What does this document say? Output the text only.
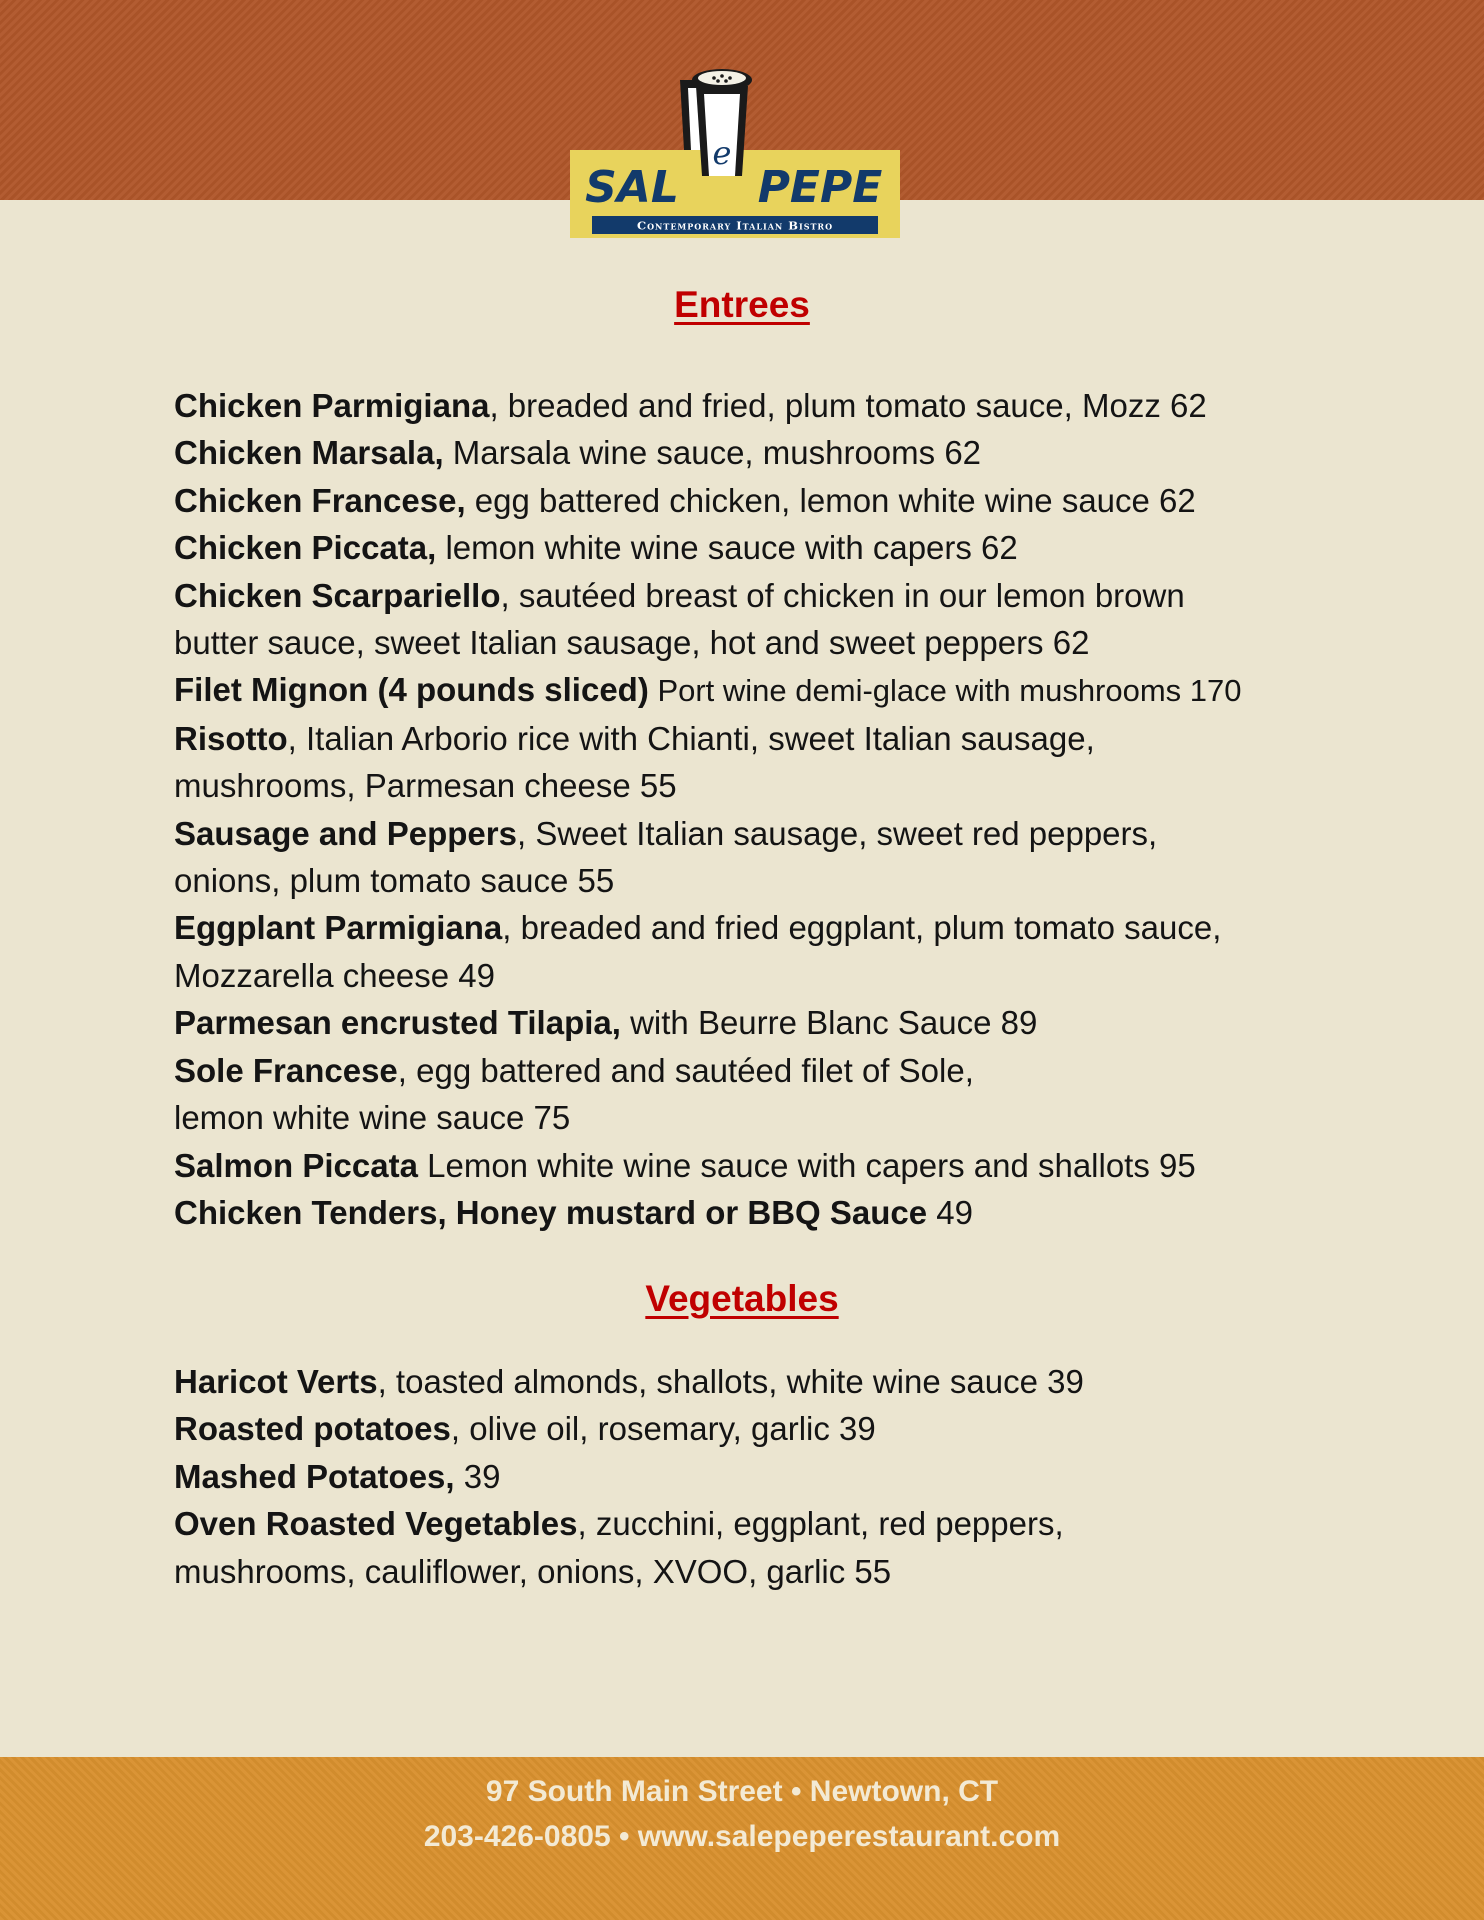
SAL
e
PEPE
Contemporary Italian Bistro
Entrees
Chicken Parmigiana, breaded and fried, plum tomato sauce, Mozz 62
Chicken Marsala, Marsala wine sauce, mushrooms 62
Chicken Francese, egg battered chicken, lemon white wine sauce 62
Chicken Piccata, lemon white wine sauce with capers 62
Chicken Scarpariello, sautéed breast of chicken in our lemon brown
butter sauce, sweet Italian sausage, hot and sweet peppers 62
Filet Mignon (4 pounds sliced) Port wine demi-glace with mushrooms 170
Risotto, Italian Arborio rice with Chianti, sweet Italian sausage,
mushrooms, Parmesan cheese 55
Sausage and Peppers, Sweet Italian sausage, sweet red peppers,
onions, plum tomato sauce 55
Eggplant Parmigiana, breaded and fried eggplant, plum tomato sauce,
Mozzarella cheese 49
Parmesan encrusted Tilapia, with Beurre Blanc Sauce 89
Sole Francese, egg battered and sautéed filet of Sole,
lemon white wine sauce 75
Salmon Piccata Lemon white wine sauce with capers and shallots 95
Chicken Tenders, Honey mustard or BBQ Sauce 49
Vegetables
Haricot Verts, toasted almonds, shallots, white wine sauce 39
Roasted potatoes, olive oil, rosemary, garlic 39
Mashed Potatoes, 39
Oven Roasted Vegetables, zucchini, eggplant, red peppers,
mushrooms, cauliflower, onions, XVOO, garlic 55

97 South Main Street • Newtown, CT

203-426-0805 • www.salepeperestaurant.com
